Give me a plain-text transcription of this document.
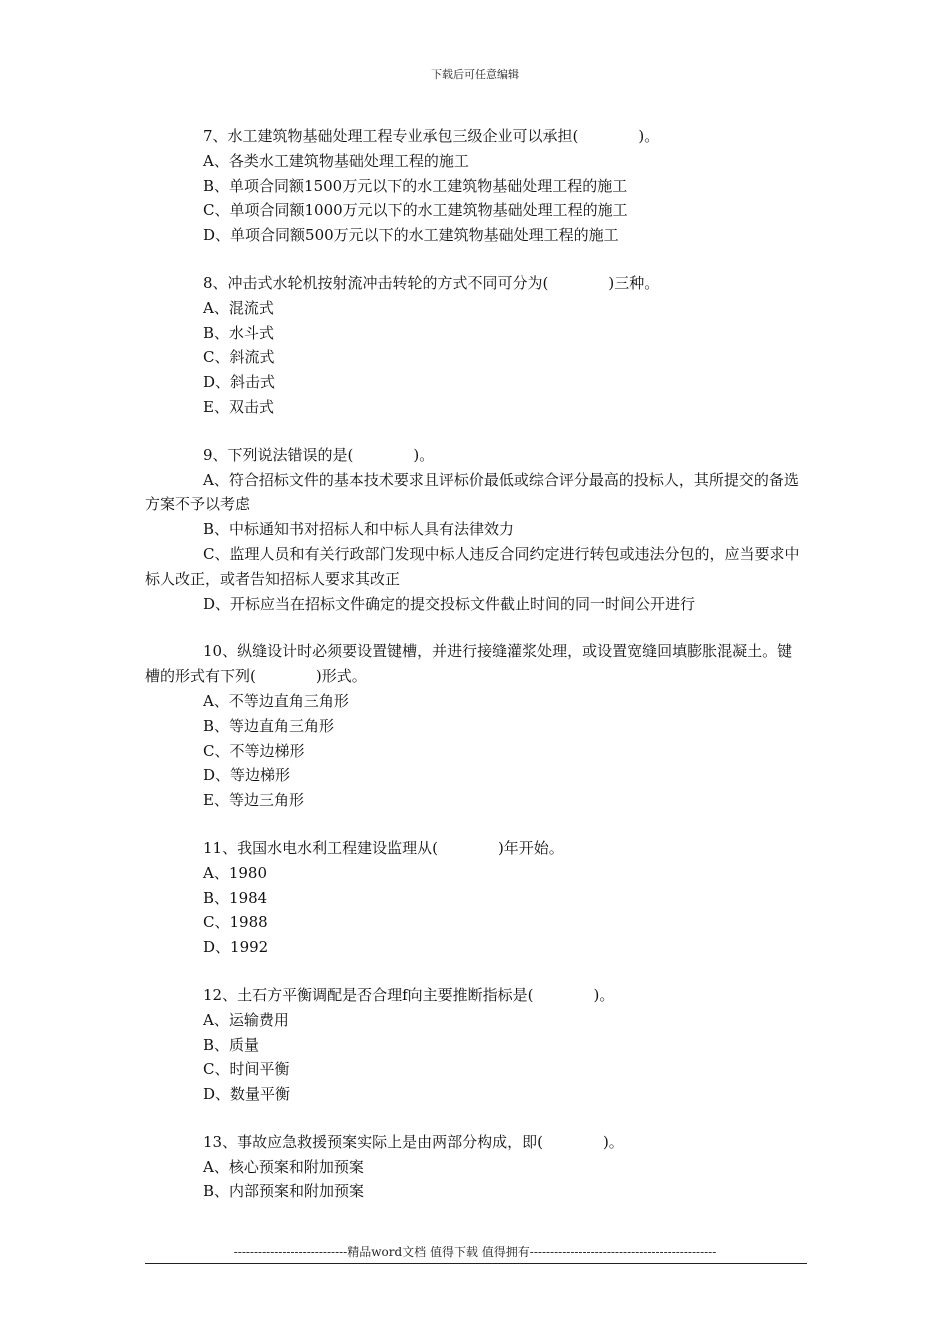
下载后可任意编辑

7、水工建筑物基础处理工程专业承包三级企业可以承担(　　　　)。

A、各类水工建筑物基础处理工程的施工

B、单项合同额1500万元以下的水工建筑物基础处理工程的施工

C、单项合同额1000万元以下的水工建筑物基础处理工程的施工

D、单项合同额500万元以下的水工建筑物基础处理工程的施工

8、冲击式水轮机按射流冲击转轮的方式不同可分为(　　　　)三种。

A、混流式

B、水斗式

C、斜流式

D、斜击式

E、双击式

9、下列说法错误的是(　　　　)。

A、符合招标文件的基本技术要求且评标价最低或综合评分最高的投标人，其所提交的备选方案不予以考虑

B、中标通知书对招标人和中标人具有法律效力

C、监理人员和有关行政部门发现中标人违反合同约定进行转包或违法分包的，应当要求中标人改正，或者告知招标人要求其改正

D、开标应当在招标文件确定的提交投标文件截止时间的同一时间公开进行

10、纵缝设计时必须要设置键槽，并进行接缝灌浆处理，或设置宽缝回填膨胀混凝土。键槽的形式有下列(　　　　)形式。

A、不等边直角三角形

B、等边直角三角形

C、不等边梯形

D、等边梯形

E、等边三角形

11、我国水电水利工程建设监理从(　　　　)年开始。

A、1980

B、1984

C、1988

D、1992

12、土石方平衡调配是否合理f向主要推断指标是(　　　　)。

A、运输费用

B、质量

C、时间平衡

D、数量平衡

13、事故应急救援预案实际上是由两部分构成，即(　　　　)。

A、核心预案和附加预案

B、内部预案和附加预案

----------------------------精品word文档 值得下载 值得拥有----------------------------------------------
